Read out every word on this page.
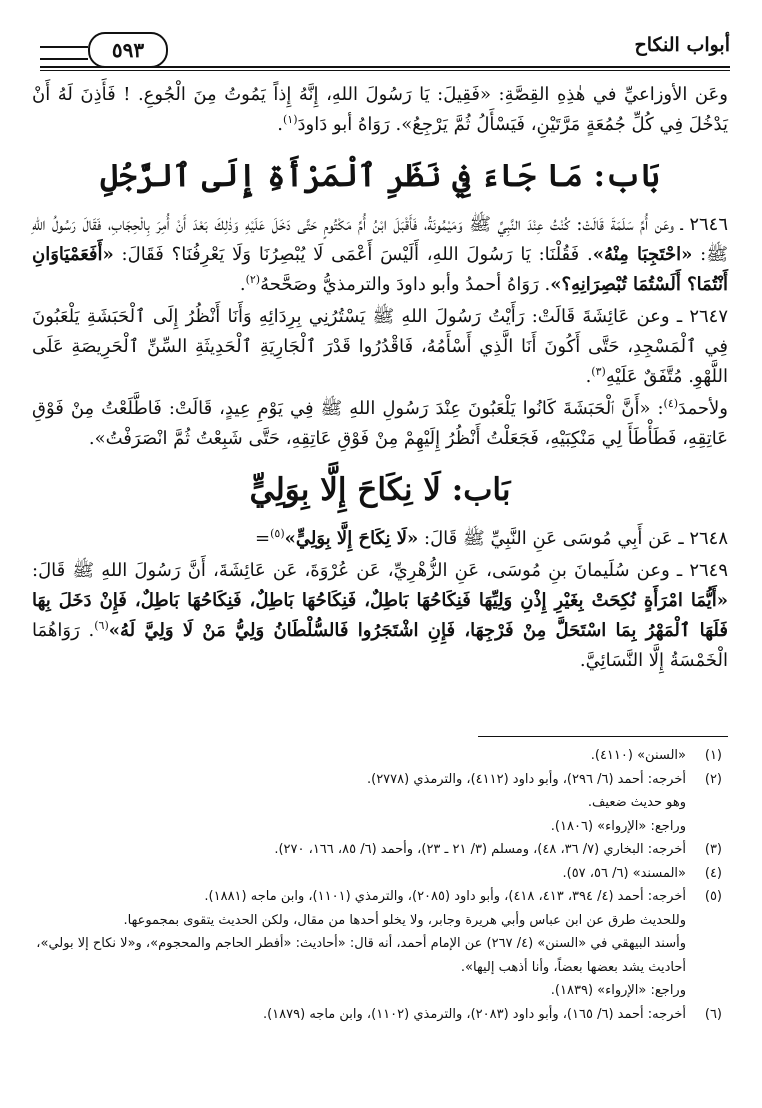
أبواب النكاح
٥٩٣

وعَن الأوزاعيِّ في هٰذِهِ القِصَّةِ: «فَقِيلَ: يَا رَسُولَ اللهِ، إِنَّهُ إِذاً يَمُوتُ مِنَ الْجُوعِ. ! فَأَذِنَ لَهُ أَنْ يَدْخُلَ فِي كُلِّ جُمُعَةٍ مَرَّتَيْنِ، فَيَسْأَلُ ثُمَّ يَرْجِعُ». رَوَاهُ أبو دَاودَ$^{(١)}$.

بَاب: مَا جَاءَ فِي نَظَرِ ٱلْمَرْأَةِ إِلَى ٱلرَّجُلِ

٢٦٤٦ ـ وعَن أُمِّ سَلَمَةَ قَالَتْ: كُنْتُ عِنْدَ النَّبِيِّ ﷺ وَمَيْمُونَةُ، فَأَقْبَلَ ابْنُ أُمِّ مَكْتُومٍ حَتَّى دَخَلَ عَلَيْهِ وَذٰلِكَ بَعْدَ أَنْ أُمِرَ بِالْحِجَابِ، فَقَالَ رَسُولُ اللهِ ﷺ: «احْتَجِبَا مِنْهُ». فَقُلْنَا: يَا رَسُولَ اللهِ، أَلَيْسَ أَعْمَى لَا يُبْصِرُنَا وَلَا يَعْرِفُنَا؟ فَقَالَ: «أَفَعَمْيَاوَانِ أَنْتُمَا؟ أَلَسْتُمَا تُبْصِرَانِهِ؟». رَوَاهُ أحمدُ وأبو داودَ والترمذيُّ وصَحَّحهُ$^{(٢)}$.

٢٦٤٧ ـ وعن عَائِشَةَ قَالَتْ: رَأَيْتُ رَسُولَ اللهِ ﷺ يَسْتُرُنِي بِرِدَائِهِ وَأَنَا أَنْظُرُ إِلَى ٱلْحَبَشَةِ يَلْعَبُونَ فِي ٱلْمَسْجِدِ، حَتَّى أَكُونَ أَنَا الَّذِي أَسْأَمُهُ، فَاقْدُرُوا قَدْرَ ٱلْجَارِيَةِ ٱلْحَدِيثَةِ السِّنِّ ٱلْحَرِيصَةِ عَلَى اللَّهْوِ. مُتَّفَقٌ عَلَيْهِ$^{(٣)}$.

ولأحمدَ$^{(٤)}$: «أَنَّ ٱلْحَبَشَةَ كَانُوا يَلْعَبُونَ عِنْدَ رَسُولِ اللهِ ﷺ فِي يَوْمِ عِيدٍ، قَالَتْ: فَاطَّلَعْتُ مِنْ فَوْقِ عَاتِقِهِ، فَطَأْطَأَ لِي مَنْكِبَيْهِ، فَجَعَلْتُ أَنْظُرُ إِلَيْهِمْ مِنْ فَوْقِ عَاتِقِهِ، حَتَّى شَبِعْتُ ثُمَّ انْصَرَفْتُ».

بَاب: لَا نِكَاحَ إِلَّا بِوَلِيٍّ

٢٦٤٨ ـ عَن أَبِي مُوسَى عَنِ النَّبِيِّ ﷺ قَالَ: «لَا نِكَاحَ إِلَّا بِوَلِيٍّ»$^{(٥)}$=

٢٦٤٩ ـ وعن سُلَيمانَ بنِ مُوسَى، عَنِ الزُّهْرِيِّ، عَن عُرْوَةَ، عَن عَائِشَةَ، أَنَّ رَسُولَ اللهِ ﷺ قَالَ: «أَيُّمَا امْرَأَةٍ نُكِحَتْ بِغَيْرِ إِذْنِ وَلِيِّهَا فَنِكَاحُهَا بَاطِلٌ، فَنِكَاحُهَا بَاطِلٌ، فَنِكَاحُهَا بَاطِلٌ، فَإِنْ دَخَلَ بِهَا فَلَهَا ٱلْمَهْرُ بِمَا اسْتَحَلَّ مِنْ فَرْجِهَا، فَإِنِ اشْتَجَرُوا فَالسُّلْطَانُ وَلِيُّ مَنْ لَا وَلِيَّ لَهُ»$^{(٦)}$. رَوَاهُمَا الْخَمْسَةُ إِلَّا النَّسَائِيَّ.

(١)
«السنن» (٤١١٠).
(٢)
أخرجه: أحمد (٦/ ٢٩٦)، وأبو داود (٤١١٢)، والترمذي (٢٧٧٨).
وهو حديث ضعيف.
وراجع: «الإرواء» (١٨٠٦).
(٣)
أخرجه: البخاري (٧/ ٣٦، ٤٨)، ومسلم (٣/ ٢١ ـ ٢٣)، وأحمد (٦/ ٨٥، ١٦٦، ٢٧٠).
(٤)
«المسند» (٦/ ٥٦، ٥٧).
(٥)
أخرجه: أحمد (٤/ ٣٩٤، ٤١٣، ٤١٨)، وأبو داود (٢٠٨٥)، والترمذي (١١٠١)، وابن ماجه (١٨٨١).
وللحديث طرق عن ابن عباس وأبي هريرة وجابر، ولا يخلو أحدها من مقال، ولكن الحديث يتقوى بمجموعها.
وأسند البيهقي في «السنن» (٤/ ٢٦٧) عن الإمام أحمد، أنه قال: «أحاديث: «أفطر الحاجم والمحجوم»، و«لا نكاح إلا بولي»، أحاديث يشد بعضها بعضاً، وأنا أذهب إليها».
وراجع: «الإرواء» (١٨٣٩).
(٦)
أخرجه: أحمد (٦/ ١٦٥)، وأبو داود (٢٠٨٣)، والترمذي (١١٠٢)، وابن ماجه (١٨٧٩).
